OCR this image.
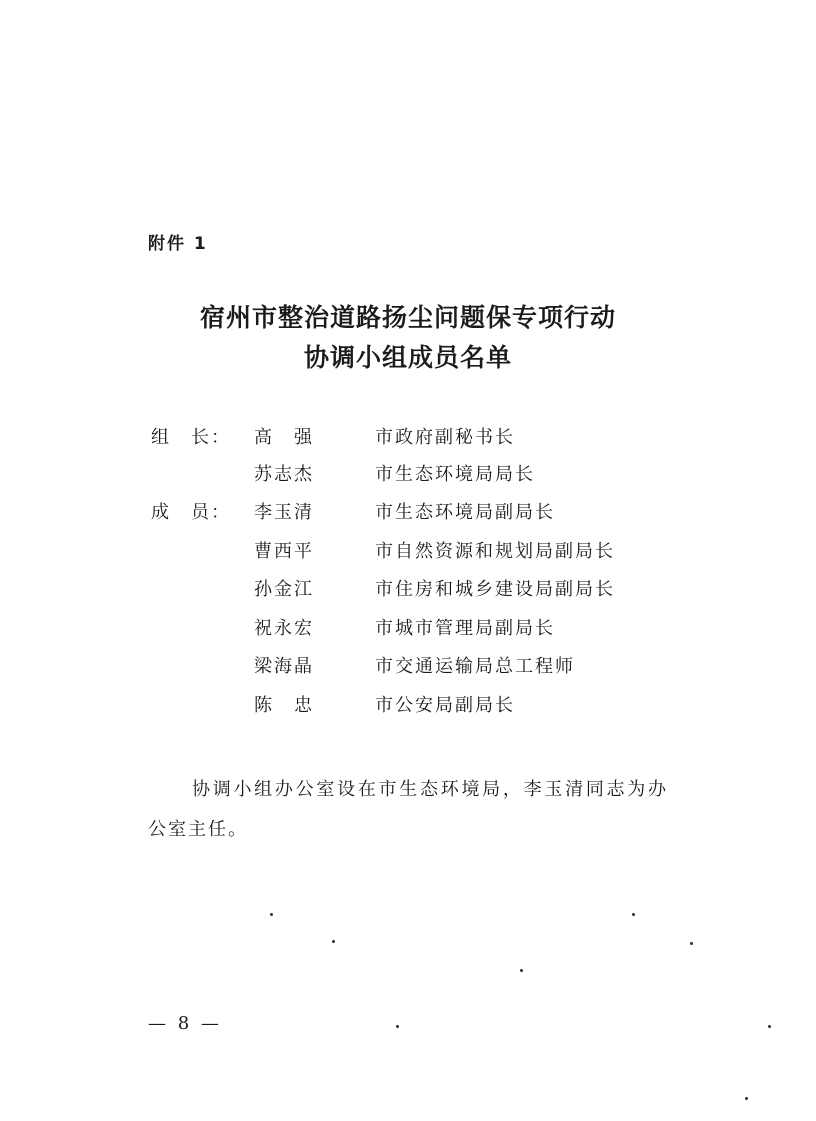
附件 1
宿州市整治道路扬尘问题保专项行动
协调小组成员名单
组　长： 高　强	市政府副秘书长
苏志杰	市生态环境局局长
成　员： 李玉清	市生态环境局副局长
曹西平	市自然资源和规划局副局长
孙金江	市住房和城乡建设局副局长
祝永宏	市城市管理局副局长
梁海晶	市交通运输局总工程师
陈　忠	市公安局副局长
协调小组办公室设在市生态环境局，李玉清同志为办公室主任。
— 8 —
